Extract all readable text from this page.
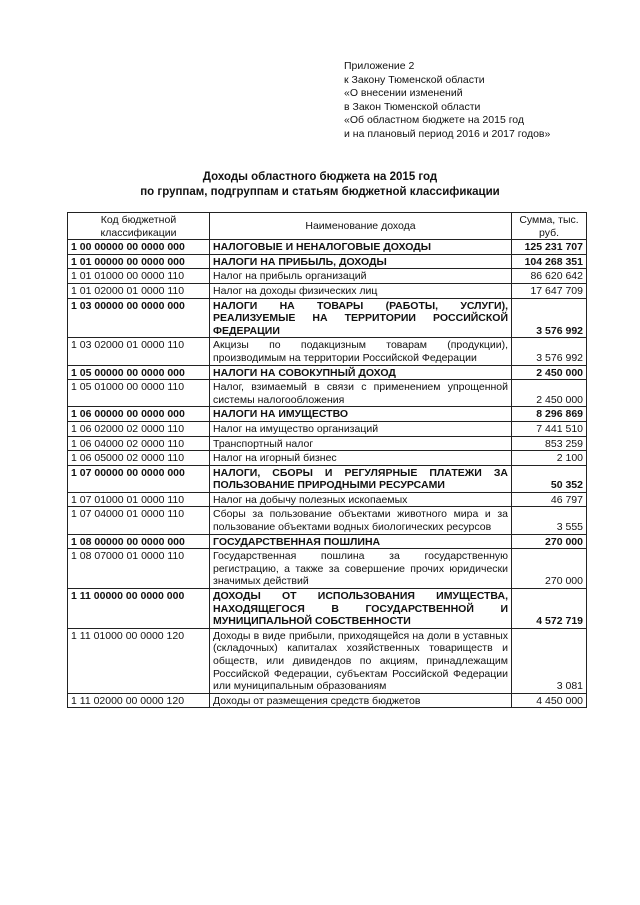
Приложение 2
к Закону Тюменской области
«О внесении изменений
в Закон Тюменской области
«Об областном бюджете на 2015 год
и на плановый период 2016 и 2017 годов»
Доходы областного бюджета на 2015 год
по группам, подгруппам и статьям бюджетной классификации
Код бюджетной классификации	Наименование дохода	Сумма, тыс. руб.
1 00 00000 00 0000 000	НАЛОГОВЫЕ И НЕНАЛОГОВЫЕ ДОХОДЫ	125 231 707
1 01 00000 00 0000 000	НАЛОГИ НА ПРИБЫЛЬ, ДОХОДЫ	104 268 351
1 01 01000 00 0000 110	Налог на прибыль организаций	86 620 642
1 01 02000 01 0000 110	Налог на доходы физических лиц	17 647 709
1 03 00000 00 0000 000	НАЛОГИ НА ТОВАРЫ (РАБОТЫ, УСЛУГИ), РЕАЛИЗУЕМЫЕ НА ТЕРРИТОРИИ РОССИЙСКОЙ ФЕДЕРАЦИИ	3 576 992
1 03 02000 01 0000 110	Акцизы по подакцизным товарам (продукции), производимым на территории Российской Федерации	3 576 992
1 05 00000 00 0000 000	НАЛОГИ НА СОВОКУПНЫЙ ДОХОД	2 450 000
1 05 01000 00 0000 110	Налог, взимаемый в связи с применением упрощенной системы налогообложения	2 450 000
1 06 00000 00 0000 000	НАЛОГИ НА ИМУЩЕСТВО	8 296 869
1 06 02000 02 0000 110	Налог на имущество организаций	7 441 510
1 06 04000 02 0000 110	Транспортный налог	853 259
1 06 05000 02 0000 110	Налог на игорный бизнес	2 100
1 07 00000 00 0000 000	НАЛОГИ, СБОРЫ И РЕГУЛЯРНЫЕ ПЛАТЕЖИ ЗА ПОЛЬЗОВАНИЕ ПРИРОДНЫМИ РЕСУРСАМИ	50 352
1 07 01000 01 0000 110	Налог на добычу полезных ископаемых	46 797
1 07 04000 01 0000 110	Сборы за пользование объектами животного мира и за пользование объектами водных биологических ресурсов	3 555
1 08 00000 00 0000 000	ГОСУДАРСТВЕННАЯ ПОШЛИНА	270 000
1 08 07000 01 0000 110	Государственная пошлина за государственную регистрацию, а также за совершение прочих юридически значимых действий	270 000
1 11 00000 00 0000 000	ДОХОДЫ ОТ ИСПОЛЬЗОВАНИЯ ИМУЩЕСТВА, НАХОДЯЩЕГОСЯ В ГОСУДАРСТВЕННОЙ И МУНИЦИПАЛЬНОЙ СОБСТВЕННОСТИ	4 572 719
1 11 01000 00 0000 120	Доходы в виде прибыли, приходящейся на доли в уставных (складочных) капиталах хозяйственных товариществ и обществ, или дивидендов по акциям, принадлежащим Российской Федерации, субъектам Российской Федерации или муниципальным образованиям	3 081
1 11 02000 00 0000 120	Доходы от размещения средств бюджетов	4 450 000
